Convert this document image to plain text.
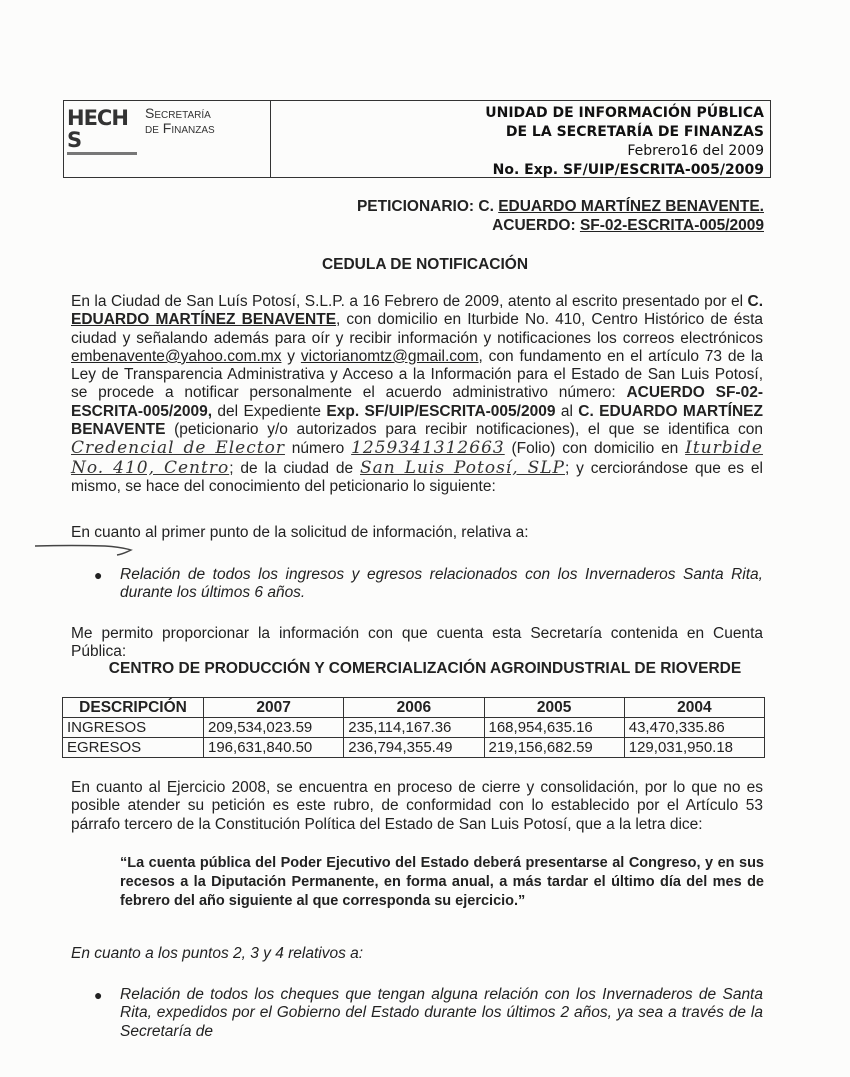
HECH S
Secretaría
de Finanzas
UNIDAD DE INFORMACIÓN PÚBLICA
DE LA SECRETARÍA DE FINANZAS
Febrero16 del 2009
No. Exp. SF/UIP/ESCRITA-005/2009
PETICIONARIO: C. EDUARDO MARTÍNEZ BENAVENTE.
ACUERDO: SF-02-ESCRITA-005/2009
CEDULA DE NOTIFICACIÓN

En la Ciudad de San Luís Potosí, S.L.P. a 16 Febrero de 2009, atento al escrito presentado por el C. EDUARDO MARTÍNEZ BENAVENTE, con domicilio en Iturbide No. 410, Centro Histórico de ésta ciudad y señalando además para oír y recibir información y notificaciones los correos electrónicos embenavente@yahoo.com.mx y victorianomtz@gmail.com, con fundamento en el artículo 73 de la Ley de Transparencia Administrativa y Acceso a la Información para el Estado de San Luis Potosí, se procede a notificar personalmente el acuerdo administrativo número: ACUERDO SF-02-ESCRITA-005/2009, del Expediente Exp. SF/UIP/ESCRITA-005/2009 al C. EDUARDO MARTÍNEZ BENAVENTE (peticionario y/o autorizados para recibir notificaciones), el que se identifica con Credencial de Elector número 1259341312663 (Folio) con domicilio en Iturbide No. 410, Centro; de la ciudad de San Luis Potosí, SLP; y cerciorándose que es el mismo, se hace del conocimiento del peticionario lo siguiente:

En cuanto al primer punto de la solicitud de información, relativa a:

● Relación de todos los ingresos y egresos relacionados con los Invernaderos Santa Rita, durante los últimos 6 años.

Me permito proporcionar la información con que cuenta esta Secretaría contenida en Cuenta Pública:

CENTRO DE PRODUCCIÓN Y COMERCIALIZACIÓN AGROINDUSTRIAL DE RIOVERDE
DESCRIPCIÓN	2007	2006	2005	2004
INGRESOS	209,534,023.59	235,114,167.36	168,954,635.16	43,470,335.86
EGRESOS	196,631,840.50	236,794,355.49	219,156,682.59	129,031,950.18

En cuanto al Ejercicio 2008, se encuentra en proceso de cierre y consolidación, por lo que no es posible atender su petición es este rubro, de conformidad con lo establecido por el Artículo 53 párrafo tercero de la Constitución Política del Estado de San Luis Potosí, que a la letra dice:

“La cuenta pública del Poder Ejecutivo del Estado deberá presentarse al Congreso, y en sus recesos a la Diputación Permanente, en forma anual, a más tardar el último día del mes de febrero del año siguiente al que corresponda su ejercicio.”

En cuanto a los puntos 2, 3 y 4 relativos a:

● Relación de todos los cheques que tengan alguna relación con los Invernaderos de Santa Rita, expedidos por el Gobierno del Estado durante los últimos 2 años, ya sea a través de la Secretaría de
